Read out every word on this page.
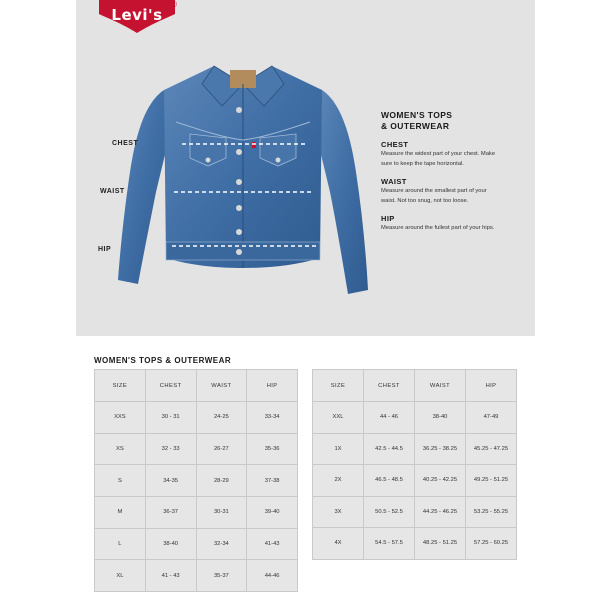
Levi's
®
CHEST
WAIST
HIP
WOMEN'S TOPS
& OUTERWEAR
CHEST
Measure the widest part of your chest. Make
sure to keep the tape horizontal.
WAIST
Measure around the smallest part of your
waist. Not too snug, not too loose.
HIP
Measure around the fullest part of your hips.
WOMEN'S TOPS & OUTERWEAR
SIZE	CHEST	WAIST	HIP
XXS	30 - 31	24-25	33-34
XS	32 - 33	26-27	35-36
S	34-35	28-29	37-38
M	36-37	30-31	39-40
L	38-40	32-34	41-43
XL	41 - 43	35-37	44-46
SIZE	CHEST	WAIST	HIP
XXL	44 - 46	38-40	47-49
1X	42.5 - 44.5	36.25 - 38.25	45.25 - 47.25
2X	46.5 - 48.5	40.25 - 42.25	49.25 - 51.25
3X	50.5 - 52.5	44.25 - 46.25	53.25 - 55.25
4X	54.5 - 57.5	48.25 - 51.25	57.25 - 60.25
